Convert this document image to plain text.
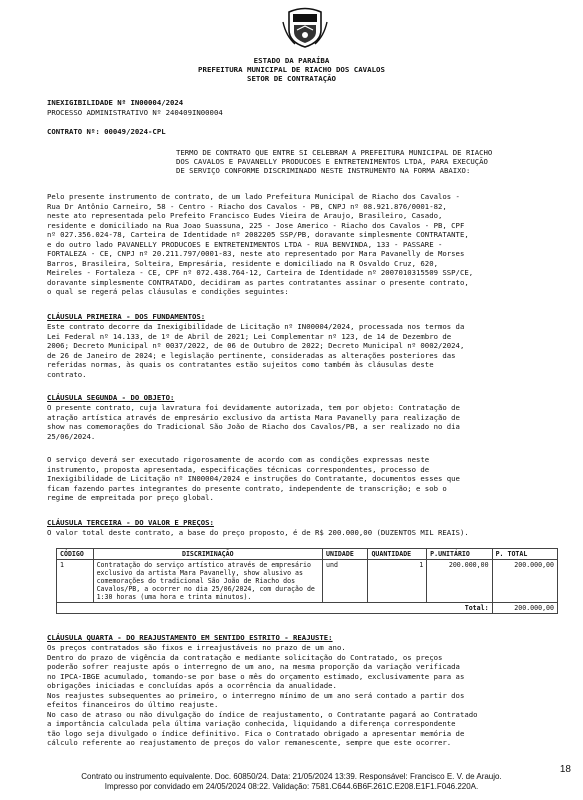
ESTADO DA PARAÍBA
PREFEITURA MUNICIPAL DE RIACHO DOS CAVALOS
SETOR DE CONTRATAÇÃO
INEXIGIBILIDADE Nº IN00004/2024
PROCESSO ADMINISTRATIVO Nº 240409IN00004
CONTRATO Nº: 00049/2024-CPL
TERMO DE CONTRATO QUE ENTRE SI CELEBRAM A PREFEITURA MUNICIPAL DE RIACHO
DOS CAVALOS E PAVANELLY PRODUCOES E ENTRETENIMENTOS LTDA, PARA EXECUÇÃO
DE SERVIÇO CONFORME DISCRIMINADO NESTE INSTRUMENTO NA FORMA ABAIXO:
Pelo presente instrumento de contrato, de um lado Prefeitura Municipal de Riacho dos Cavalos -
Rua Dr Antônio Carneiro, 58 - Centro - Riacho dos Cavalos - PB, CNPJ nº 08.921.876/0001-82,
neste ato representada pelo Prefeito Francisco Eudes Vieira de Araujo, Brasileiro, Casado,
residente e domiciliado na Rua Joao Suassuna, 225 - Jose Americo - Riacho dos Cavalos - PB, CPF
nº 027.356.024-78, Carteira de Identidade nº 2082205 SSP/PB, doravante simplesmente CONTRATANTE,
e do outro lado PAVANELLY PRODUCOES E ENTRETENIMENTOS LTDA - RUA BENVINDA, 133 - PASSARE -
FORTALEZA - CE, CNPJ nº 20.211.797/0001-83, neste ato representado por Mara Pavanelly de Morses
Barros, Brasileira, Solteira, Empresária, residente e domiciliado na R Osvaldo Cruz, 620,
Meireles - Fortaleza - CE, CPF nº 072.438.764-12, Carteira de Identidade nº 2007010315509 SSP/CE,
doravante simplesmente CONTRATADO, decidiram as partes contratantes assinar o presente contrato,
o qual se regerá pelas cláusulas e condições seguintes:
CLÁUSULA PRIMEIRA - DOS FUNDAMENTOS:
Este contrato decorre da Inexigibilidade de Licitação nº IN00004/2024, processada nos termos da
Lei Federal nº 14.133, de 1º de Abril de 2021; Lei Complementar nº 123, de 14 de Dezembro de
2006; Decreto Municipal nº 0037/2022, de 06 de Outubro de 2022; Decreto Municipal nº 0002/2024,
de 26 de Janeiro de 2024; e legislação pertinente, consideradas as alterações posteriores das
referidas normas, às quais os contratantes estão sujeitos como também às cláusulas deste
contrato.
CLÁUSULA SEGUNDA - DO OBJETO:
O presente contrato, cuja lavratura foi devidamente autorizada, tem por objeto: Contratação de
atração artística através de empresário exclusivo da artista Mara Pavanelly para realização de
show nas comemorações do Tradicional São João de Riacho dos Cavalos/PB, a ser realizado no dia
25/06/2024.
O serviço deverá ser executado rigorosamente de acordo com as condições expressas neste
instrumento, proposta apresentada, especificações técnicas correspondentes, processo de
Inexigibilidade de Licitação nº IN00004/2024 e instruções do Contratante, documentos esses que
ficam fazendo partes integrantes do presente contrato, independente de transcrição; e sob o
regime de empreitada por preço global.
CLÁUSULA TERCEIRA - DO VALOR E PREÇOS:
O valor total deste contrato, a base do preço proposto, é de R$ 200.000,00 (DUZENTOS MIL REAIS).
CÓDIGO	DISCRIMINAÇÃO	UNIDADE	QUANTIDADE	P.UNITÁRIO	P. TOTAL
1	Contratação do serviço artístico através de empresário exclusivo da artista Mara Pavanelly, show alusivo as comemorações do tradicional São João de Riacho dos Cavalos/PB, a ocorrer no dia 25/06/2024, com duração de 1:30 horas (uma hora e trinta minutos).	und	1	200.000,00	200.000,00
Total:					200.000,00
CLÁUSULA QUARTA - DO REAJUSTAMENTO EM SENTIDO ESTRITO - REAJUSTE:
Os preços contratados são fixos e irreajustáveis no prazo de um ano.
Dentro do prazo de vigência da contratação e mediante solicitação do Contratado, os preços
poderão sofrer reajuste após o interregno de um ano, na mesma proporção da variação verificada
no IPCA-IBGE acumulado, tomando-se por base o mês do orçamento estimado, exclusivamente para as
obrigações iniciadas e concluídas após a ocorrência da anualidade.
Nos reajustes subsequentes ao primeiro, o interregno mínimo de um ano será contado a partir dos
efeitos financeiros do último reajuste.
No caso de atraso ou não divulgação do índice de reajustamento, o Contratante pagará ao Contratado
a importância calculada pela última variação conhecida, liquidando a diferença correspondente
tão logo seja divulgado o índice definitivo. Fica o Contratado obrigado a apresentar memória de
cálculo referente ao reajustamento de preços do valor remanescente, sempre que este ocorrer.
Contrato ou instrumento equivalente. Doc. 60850/24. Data: 21/05/2024 13:39. Responsável: Francisco E. V. de Araujo.
Impresso por convidado em 24/05/2024 08:22. Validação: 7581.C644.6B6F.261C.E208.E1F1.F046.220A.
18
